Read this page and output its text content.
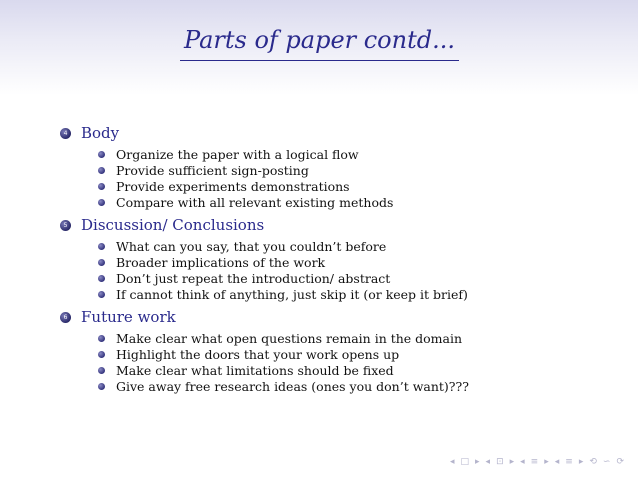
Parts of paper contd...
4 Body
Organize the paper with a logical flow
Provide sufficient sign-posting
Provide experiments demonstrations
Compare with all relevant existing methods
5 Discussion/ Conclusions
What can you say, that you couldn’t before
Broader implications of the work
Don’t just repeat the introduction/ abstract
If cannot think of anything, just skip it (or keep it brief)
6 Future work
Make clear what open questions remain in the domain
Highlight the doors that your work opens up
Make clear what limitations should be fixed
Give away free research ideas (ones you don’t want)???
◂ □ ▸ ◂ ⊡ ▸ ◂ ≡ ▸ ◂ ≡ ▸ ⟲ ∽ ⟳
